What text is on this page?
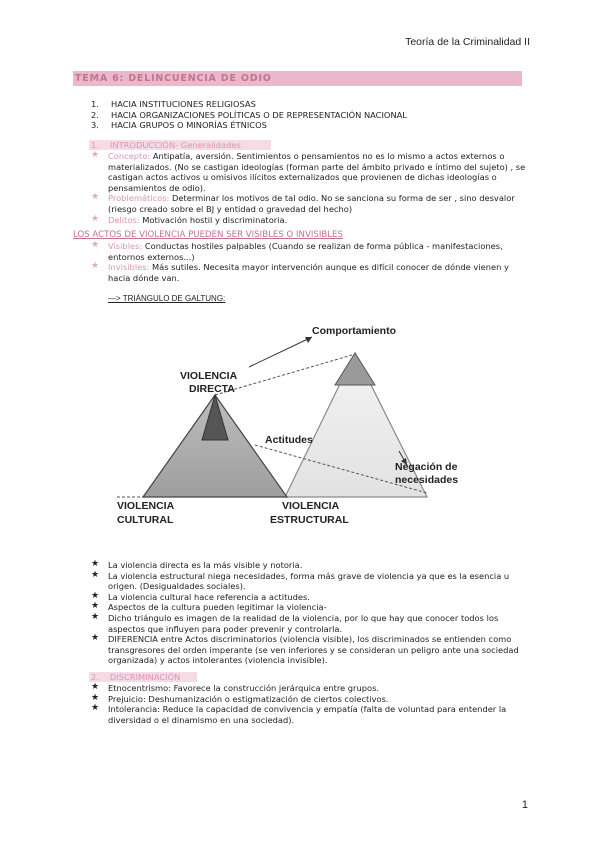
Teoría de la Criminalidad II
TEMA 6: DELINCUENCIA DE ODIO
1. HACIA INSTITUCIONES RELIGIOSAS
2. HACIA ORGANIZACIONES POLÍTICAS O DE REPRESENTACIÓN NACIONAL
3. HACIA GRUPOS O MINORÍAS ÉTNICOS
1. INTRODUCCIÓN- Generalidades
★ Concepto: Antipatía, aversión. Sentimientos o pensamientos no es lo mismo a actos externos o materializados. (No se castigan ideologías (forman parte del ámbito privado e íntimo del sujeto) , se castigan actos activos u omisivos ilícitos externalizados que provienen de dichas ideologías o pensamientos de odio).
★ Problemáticos: Determinar los motivos de tal odio. No se sanciona su forma de ser , sino desvalor (riesgo creado sobre el BJ y entidad o gravedad del hecho)
★ Delitos: Motivación hostil y discriminatoria.
LOS ACTOS DE VIOLENCIA PUEDEN SER VISIBLES O INVISIBLES
★ Visibles: Conductas hostiles palpables (Cuando se realizan de forma pública - manifestaciones, entornos externos...)
★ Invisibles: Más sutiles. Necesita mayor intervención aunque es difícil conocer de dónde vienen y hacia dónde van.
—> TRIÁNGULO DE GALTUNG:
Comportamiento
VIOLENCIA
DIRECTA
Actitudes
Negación de
necesidades
VIOLENCIA
CULTURAL
VIOLENCIA
ESTRUCTURAL
★ La violencia directa es la más visible y notoria.
★ La violencia estructural niega necesidades, forma más grave de violencia ya que es la esencia u origen. (Desigualdades sociales).
★ La violencia cultural hace referencia a actitudes.
★ Aspectos de la cultura pueden legitimar la violencia-
★ Dicho triángulo es imagen de la realidad de la violencia, por lo que hay que conocer todos los aspectos que influyen para poder prevenir y controlarla.
★ DIFERENCIA entre Actos discriminatorios (violencia visible), los discriminados se entienden como transgresores del orden imperante (se ven inferiores y se consideran un peligro ante una sociedad organizada) y actos intolerantes (violencia invisible).
2. DISCRIMINACIÓN
★ Etnocentrismo: Favorece la construcción jerárquica entre grupos.
★ Prejuicio: Deshumanización o estigmatización de ciertos colectivos.
★ Intolerancia: Reduce la capacidad de convivencia y empatía (falta de voluntad para entender la diversidad o el dinamismo en una sociedad).
1
